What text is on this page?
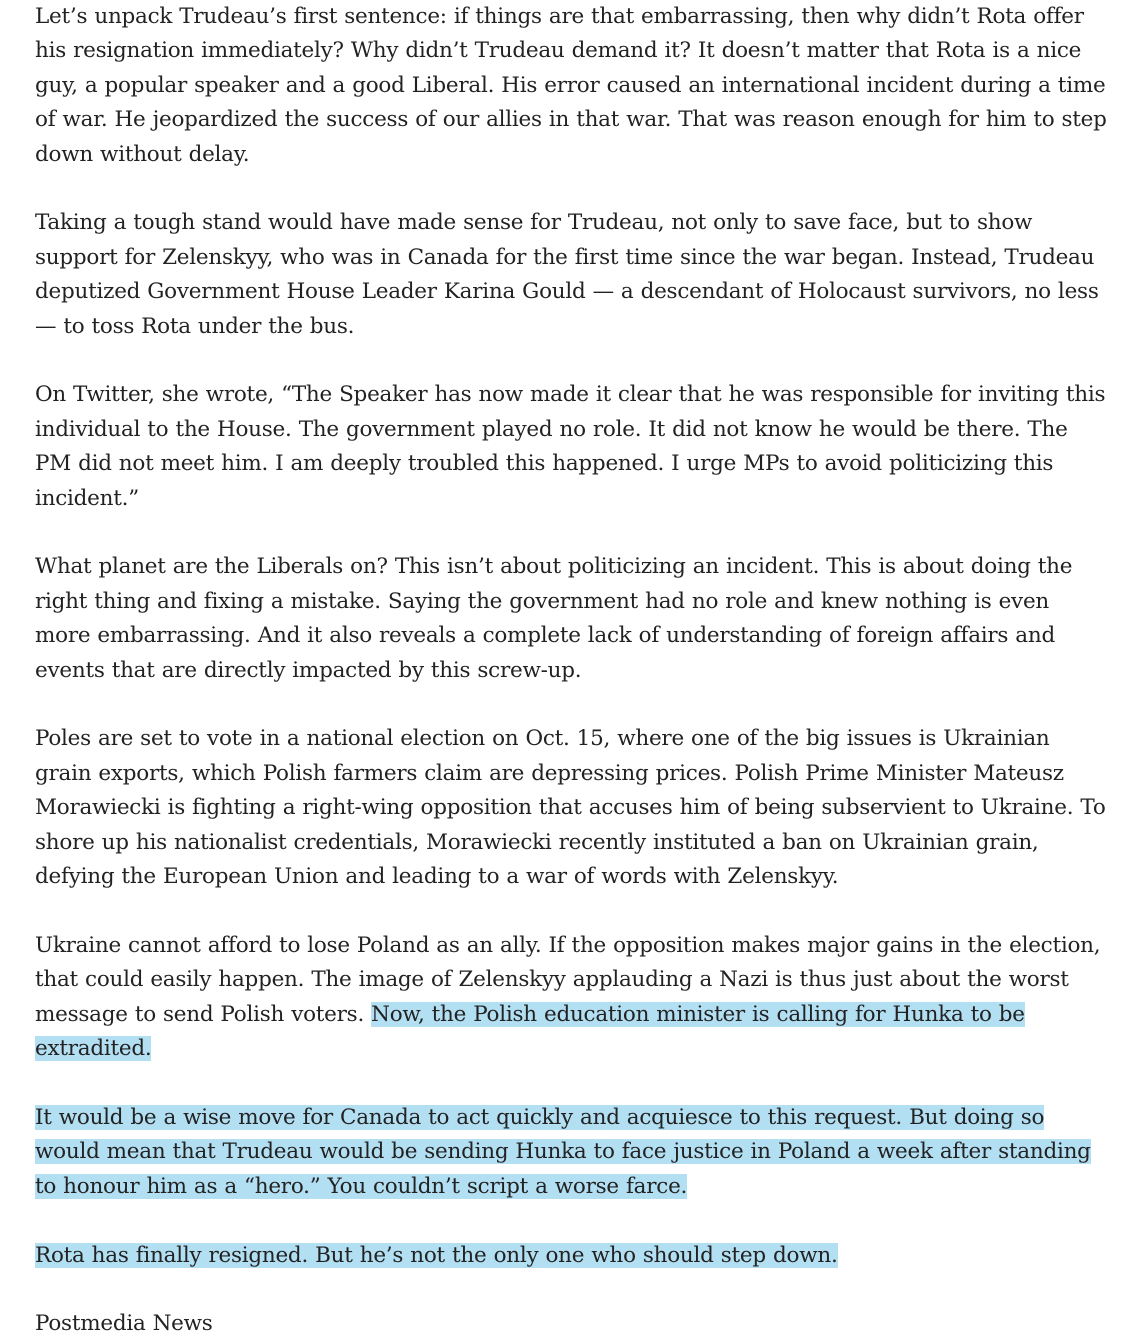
Let’s unpack Trudeau’s first sentence: if things are that embarrassing, then why didn’t Rota offer his resignation immediately? Why didn’t Trudeau demand it? It doesn’t matter that Rota is a nice guy, a popular speaker and a good Liberal. His error caused an international incident during a time of war. He jeopardized the success of our allies in that war. That was reason enough for him to step down without delay.

Taking a tough stand would have made sense for Trudeau, not only to save face, but to show support for Zelenskyy, who was in Canada for the first time since the war began. Instead, Trudeau deputized Government House Leader Karina Gould — a descendant of Holocaust survivors, no less — to toss Rota under the bus.

On Twitter, she wrote, “The Speaker has now made it clear that he was responsible for inviting this individual to the House. The government played no role. It did not know he would be there. The PM did not meet him. I am deeply troubled this happened. I urge MPs to avoid politicizing this incident.”

What planet are the Liberals on? This isn’t about politicizing an incident. This is about doing the right thing and fixing a mistake. Saying the government had no role and knew nothing is even more embarrassing. And it also reveals a complete lack of understanding of foreign affairs and events that are directly impacted by this screw-up.

Poles are set to vote in a national election on Oct. 15, where one of the big issues is Ukrainian grain exports, which Polish farmers claim are depressing prices. Polish Prime Minister Mateusz Morawiecki is fighting a right-wing opposition that accuses him of being subservient to Ukraine. To shore up his nationalist credentials, Morawiecki recently instituted a ban on Ukrainian grain, defying the European Union and leading to a war of words with Zelenskyy.

Ukraine cannot afford to lose Poland as an ally. If the opposition makes major gains in the election, that could easily happen. The image of Zelenskyy applauding a Nazi is thus just about the worst message to send Polish voters. Now, the Polish education minister is calling for Hunka to be extradited.

It would be a wise move for Canada to act quickly and acquiesce to this request. But doing so would mean that Trudeau would be sending Hunka to face justice in Poland a week after standing to honour him as a “hero.” You couldn’t script a worse farce.

Rota has finally resigned. But he’s not the only one who should step down.

Postmedia News
